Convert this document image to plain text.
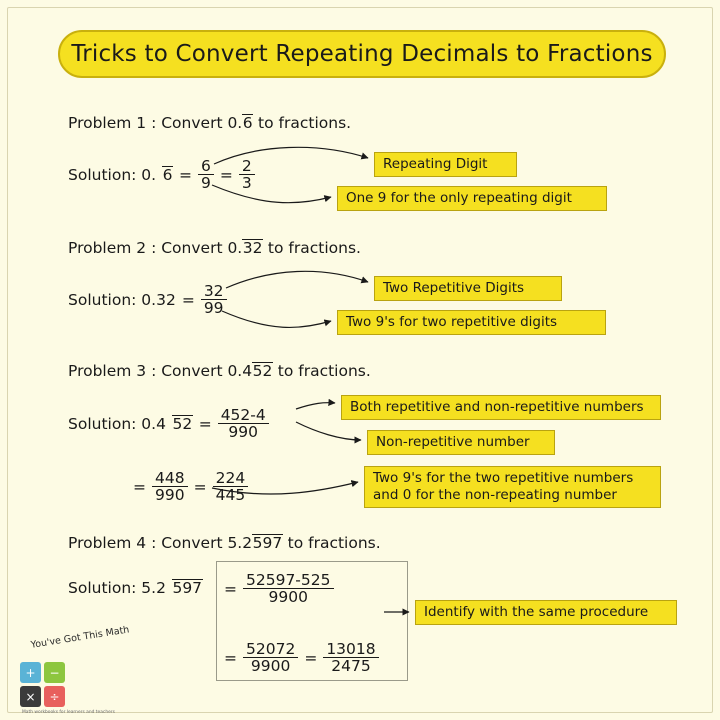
Tricks to Convert Repeating Decimals to Fractions
Problem 1 : Convert 0.6 to fractions.
Solution: 0. $6 = \frac{6}{9} = \frac{2}{3}$	Repeating Digit
One 9 for the only repeating digit
Problem 2 : Convert 0.32 to fractions.
Solution: $0.32 = \frac{32}{99}$	Two Repetitive Digits
Two 9's for two repetitive digits
Problem 3 : Convert 0.452 to fractions.
Solution: 0.4 $52 = \frac{452-4}{990}$
= $\frac{448}{990} = \frac{224}{445}$
Both repetitive and non-repetitive numbers
Non-repetitive number
Two 9's for the two repetitive numbers and 0 for the non-repeating number
Problem 4 : Convert 5.2597 to fractions.
Solution: 5.2 $597 = \frac{52597-525}{9900}$
= $\frac{52072}{9900} = \frac{13018}{2475}$
Identify with the same procedure
You've Got This Math
+	−
×	÷
Math workbooks for learners and teachers
